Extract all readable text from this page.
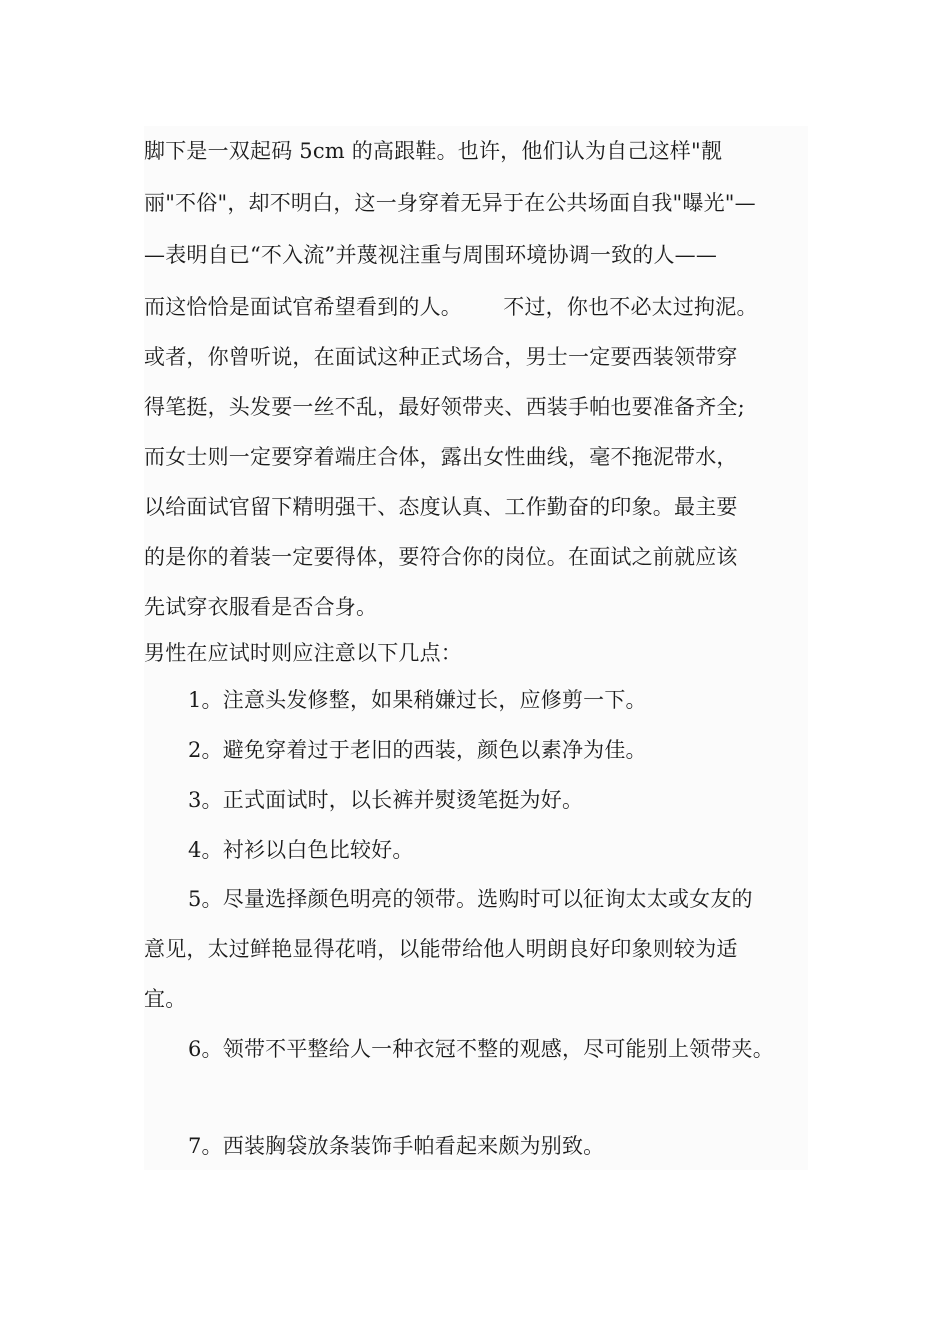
脚下是一双起码 5cm 的高跟鞋。也许，他们认为自己这样"靓
丽"不俗"，却不明白，这一身穿着无异于在公共场面自我"曝光"—
—表明自已“不入流”并蔑视注重与周围环境协调一致的人——
而这恰恰是面试官希望看到的人。      不过，你也不必太过拘泥。
或者，你曾听说，在面试这种正式场合，男士一定要西装领带穿
得笔挺，头发要一丝不乱，最好领带夹、西装手帕也要准备齐全;
而女士则一定要穿着端庄合体，露出女性曲线，毫不拖泥带水，
以给面试官留下精明强干、态度认真、工作勤奋的印象。最主要
的是你的着装一定要得体，要符合你的岗位。在面试之前就应该
先试穿衣服看是否合身。
男性在应试时则应注意以下几点：
1。注意头发修整，如果稍嫌过长，应修剪一下。
2。避免穿着过于老旧的西装，颜色以素净为佳。
3。正式面试时，以长裤并熨烫笔挺为好。
4。衬衫以白色比较好。
5。尽量选择颜色明亮的领带。选购时可以征询太太或女友的
意见，太过鲜艳显得花哨，以能带给他人明朗良好印象则较为适
宜。
6。领带不平整给人一种衣冠不整的观感，尽可能别上领带夹。
7。西装胸袋放条装饰手帕看起来颇为别致。
